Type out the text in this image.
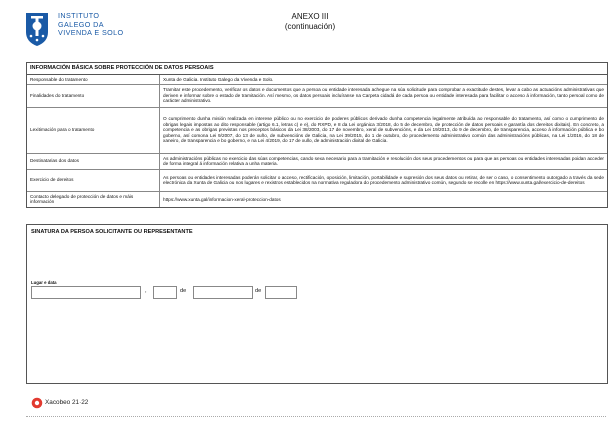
INSTITUTO
GALEGO DA
VIVENDA E SOLO
ANEXO III
(continuación)
INFORMACIÓN BÁSICA SOBRE PROTECCIÓN DE DATOS PERSOAIS
Responsable do tratamento	Xunta de Galicia. Instituto Galego da Vivenda e Solo.
Finalidades do tratamento	Tramitar este procedemento, verificar os datos e documentos que a persoa ou entidade interesada achegue na súa solicitude para comprobar a exactitude destes, levar a cabo as actuacións administrativas que deriven e informar sobre o estado de tramitación. Así mesmo, os datos persoais incluíranse na Carpeta cidadá de cada persoa ou entidade interesada para facilitar o acceso á información, tanto persoal como de carácter administrativo.
Lexitimación para o tratamento	O cumprimento dunha misión realizada en interese público ou no exercicio de poderes públicos derivado dunha competencia legalmente atribuída ao responsable do tratamento, así como o cumprimento de obrigas legais impostas ao dito responsable (artigo 6.1, letras c) e e), do RXPD, e 8 da Lei orgánica 3/2018, do 5 de decembro, de protección de datos persoais e garantía dos dereitos dixitais). En concreto, a competencia e as obrigas previstas nos preceptos básicos da Lei 38/2003, do 17 de novembro, xeral de subvencións, e da Lei 19/2013, do 9 de decembro, de transparencia, acceso á información pública e bo goberno, así comona Lei 9/2007, do 13 de xuño, de subvencións de Galicia, na Lei 39/2015, do 1 de outubro, do procedemento administrativo común das administracións públicas, na Lei 1/2016, do 18 de xaneiro, de transparencia e bo goberno, e na Lei 4/2019, do 17 de xullo, de administración dixital de Galicia.
Destinatarias dos datos	As administracións públicas no exercicio das súas competencias, cando sexa necesario para a tramitación e resolución dos seus procedementos ou para que as persoas ou entidades interesadas poidan acceder de forma integral á información relativa a unha materia.
Exercicio de dereitos	As persoas ou entidades interesadas poderán solicitar o acceso, rectificación, oposición, limitación, portabilidade e supresión dos seus datos ou retirar, de ser o caso, o consentimento outorgado a través da sede electrónica da Xunta de Galicia ou nos lugares e rexistros establecidos na normativa reguladora do procedemento administrativo común, segundo se recolle en https://www.xunta.gal/exercicio-de-dereitos
Contacto delegado de protección de datos e máis información	https://www.xunta.gal/informacion-xeral-proteccion-datos
SINATURA DA PERSOA SOLICITANTE OU REPRESENTANTE
Lugar e data
,	de	de
Xacobeo 21·22
